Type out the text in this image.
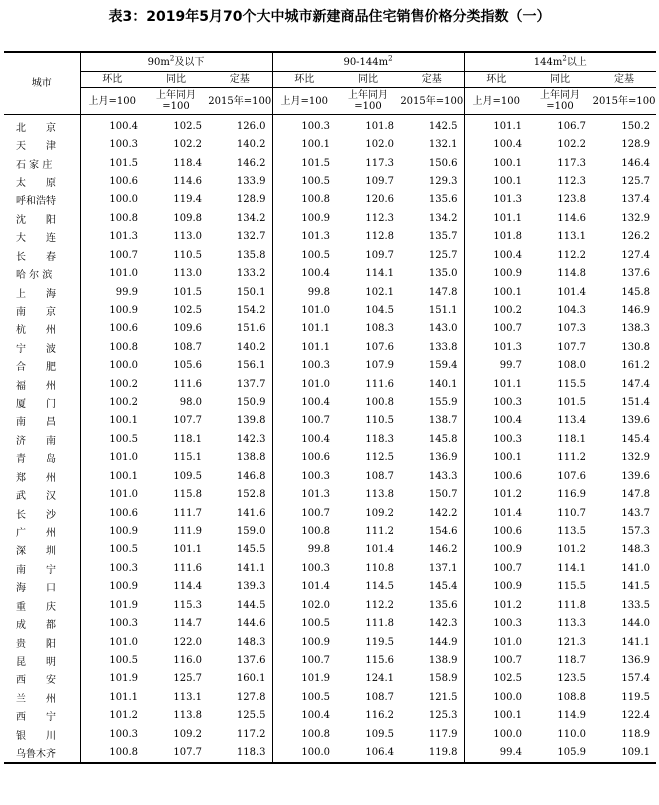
表3：2019年5月70个大中城市新建商品住宅销售价格分类指数（一）
城市	$90m^2$及以下			$90-144m^2$			$144m^2$以上		
	环比	同比	定基	环比	同比	定基	环比	同比	定基
	上月=100	上年同月=100	2015年=100	上月=100	上年同月=100	2015年=100	上月=100	上年同月=100	2015年=100
北　　京	100.4	102.5	126.0	100.3	101.8	142.5	101.1	106.7	150.2
天　　津	100.3	102.2	140.2	100.1	102.0	132.1	100.4	102.2	128.9
石 家 庄	101.5	118.4	146.2	101.5	117.3	150.6	100.1	117.3	146.4
太　　原	100.6	114.6	133.9	100.5	109.7	129.3	100.1	112.3	125.7
呼和浩特	100.0	119.4	128.9	100.8	120.6	135.6	101.3	123.8	137.4
沈　　阳	100.8	109.8	134.2	100.9	112.3	134.2	101.1	114.6	132.9
大　　连	101.3	113.0	132.7	101.3	112.8	135.7	101.8	113.1	126.2
长　　春	100.7	110.5	135.8	100.5	109.7	125.7	100.4	112.2	127.4
哈 尔 滨	101.0	113.0	133.2	100.4	114.1	135.0	100.9	114.8	137.6
上　　海	99.9	101.5	150.1	99.8	102.1	147.8	100.1	101.4	145.8
南　　京	100.9	102.5	154.2	101.0	104.5	151.1	100.2	104.3	146.9
杭　　州	100.6	109.6	151.6	101.1	108.3	143.0	100.7	107.3	138.3
宁　　波	100.8	108.7	140.2	101.1	107.6	133.8	101.3	107.7	130.8
合　　肥	100.0	105.6	156.1	100.3	107.9	159.4	99.7	108.0	161.2
福　　州	100.2	111.6	137.7	101.0	111.6	140.1	101.1	115.5	147.4
厦　　门	100.2	98.0	150.9	100.4	100.8	155.9	100.3	101.5	151.4
南　　昌	100.1	107.7	139.8	100.7	110.5	138.7	100.4	113.4	139.6
济　　南	100.5	118.1	142.3	100.4	118.3	145.8	100.3	118.1	145.4
青　　岛	101.0	115.1	138.8	100.6	112.5	136.9	100.1	111.2	132.9
郑　　州	100.1	109.5	146.8	100.3	108.7	143.3	100.6	107.6	139.6
武　　汉	101.0	115.8	152.8	101.3	113.8	150.7	101.2	116.9	147.8
长　　沙	100.6	111.7	141.6	100.7	109.2	142.2	101.4	110.7	143.7
广　　州	100.9	111.9	159.0	100.8	111.2	154.6	100.6	113.5	157.3
深　　圳	100.5	101.1	145.5	99.8	101.4	146.2	100.9	101.2	148.3
南　　宁	100.3	111.6	141.1	100.3	110.8	137.1	100.7	114.1	141.0
海　　口	100.9	114.4	139.3	101.4	114.5	145.4	100.9	115.5	141.5
重　　庆	101.9	115.3	144.5	102.0	112.2	135.6	101.2	111.8	133.5
成　　都	100.3	114.7	144.6	100.5	111.8	142.3	100.3	113.3	144.0
贵　　阳	101.0	122.0	148.3	100.9	119.5	144.9	101.0	121.3	141.1
昆　　明	100.5	116.0	137.6	100.7	115.6	138.9	100.7	118.7	136.9
西　　安	101.9	125.7	160.1	101.9	124.1	158.9	102.5	123.5	157.4
兰　　州	101.1	113.1	127.8	100.5	108.7	121.5	100.0	108.8	119.5
西　　宁	101.2	113.8	125.5	100.4	116.2	125.3	100.1	114.9	122.4
银　　川	100.3	109.2	117.2	100.8	109.5	117.9	100.0	110.0	118.9
乌鲁木齐	100.8	107.7	118.3	100.0	106.4	119.8	99.4	105.9	109.1
